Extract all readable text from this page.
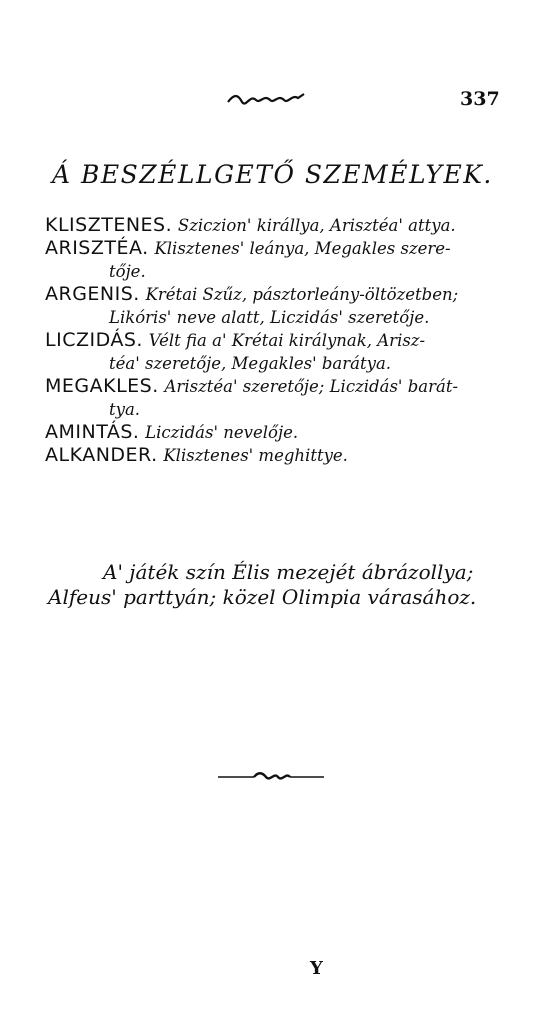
337
Á BESZÉLLGETŐ SZEMÉLYEK.
KLISZTENES. Sziczion' királlya, Arisztéa' attya.
ARISZTÉA. Klisztenes' leánya, Megakles szere-
tője.
ARGENIS. Krétai Szűz, pásztorleány-öltözetben;
Likóris' neve alatt, Liczidás' szeretője.
LICZIDÁS. Vélt fia a' Krétai királynak, Arisz-
téa' szeretője, Megakles' barátya.
MEGAKLES. Arisztéa' szeretője; Liczidás' barát-
tya.
AMINTÁS. Liczidás' nevelője.
ALKANDER. Klisztenes' meghittye.
A' játék szín Élis mezejét ábrázollya;
Alfeus' parttyán; közel Olimpia várasához.
Y
